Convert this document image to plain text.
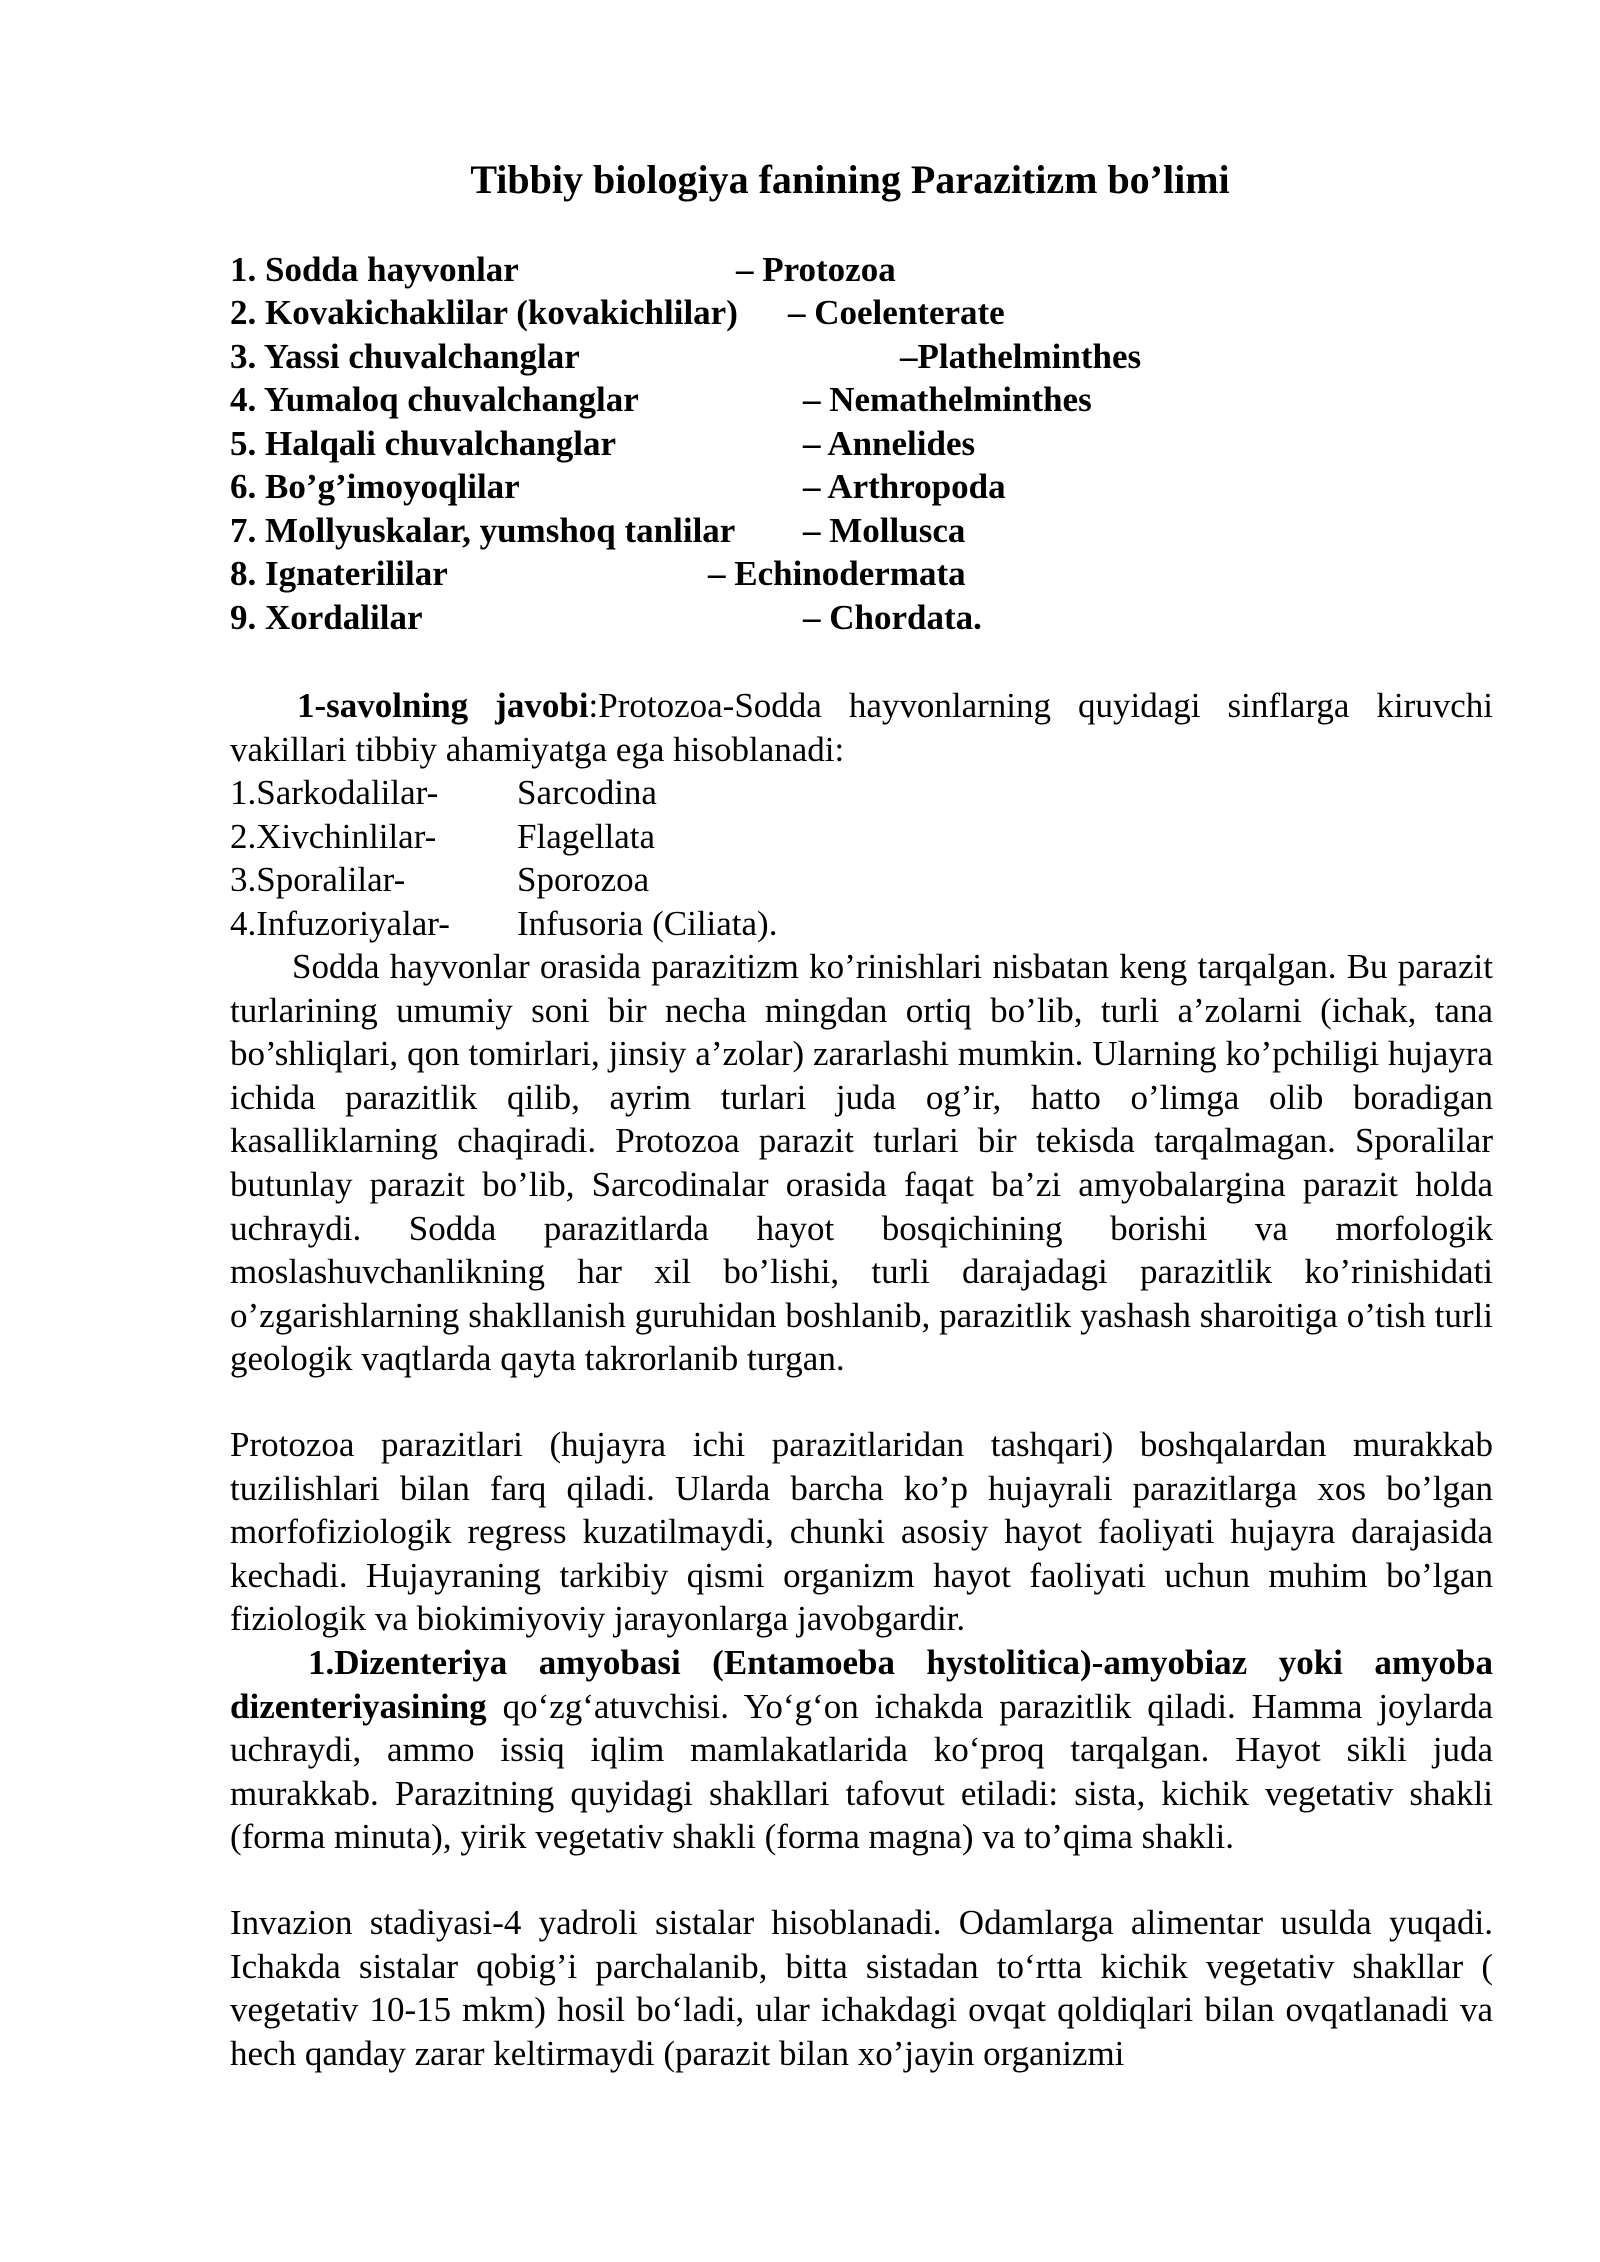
Tibbiy biologiya fanining Parazitizm bo’limi
1. Sodda hayvonlar	– Protozoa
2. Kovakichaklilar (kovakichlilar) – Coelenterate
3. Yassi chuvalchanglar	–Plathelminthes
4. Yumaloq chuvalchanglar	– Nemathelminthes
5. Halqali chuvalchanglar	– Annelides
6. Bo’g’imoyoqlilar	– Arthropoda
7. Mollyuskalar, yumshoq tanlilar – Mollusca
8. Ignaterililar	– Echinodermata
9. Xordalilar	– Chordata.
1-savolning javobi:Protozoa-Sodda hayvonlarning quyidagi sinflarga kiruvchi vakillari tibbiy ahamiyatga ega hisoblanadi:
1.Sarkodalilar- Sarcodina
2.Xivchinlilar- Flagellata
3.Sporalilar-	Sporozoa
4.Infuzoriyalar- Infusoria (Ciliata).
Sodda hayvonlar orasida parazitizm ko’rinishlari nisbatan keng tarqalgan. Bu parazit turlarining umumiy soni bir necha mingdan ortiq bo’lib, turli a’zolarni (ichak, tana bo’shliqlari, qon tomirlari, jinsiy a’zolar) zararlashi mumkin. Ularning ko’pchiligi hujayra ichida parazitlik qilib, ayrim turlari juda og’ir, hatto o’limga olib boradigan kasalliklarning chaqiradi. Protozoa parazit turlari bir tekisda tarqalmagan. Sporalilar butunlay parazit bo’lib, Sarcodinalar orasida faqat ba’zi amyobalargina parazit holda uchraydi. Sodda parazitlarda hayot bosqichining borishi va morfologik moslashuvchanlikning har xil bo’lishi, turli darajadagi parazitlik ko’rinishidati o’zgarishlarning shakllanish guruhidan boshlanib, parazitlik yashash sharoitiga o’tish turli geologik vaqtlarda qayta takrorlanib turgan.
Protozoa parazitlari (hujayra ichi parazitlaridan tashqari) boshqalardan murakkab tuzilishlari bilan farq qiladi. Ularda barcha ko’p hujayrali parazitlarga xos bo’lgan morfofiziologik regress kuzatilmaydi, chunki asosiy hayot faoliyati hujayra darajasida kechadi. Hujayraning tarkibiy qismi organizm hayot faoliyati uchun muhim bo’lgan fiziologik va biokimiyoviy jarayonlarga javobgardir.
1.Dizenteriya amyobasi (Entamoeba hystolitica)-amyobiaz yoki amyoba dizenteriyasining qo‘zg‘atuvchisi. Yo‘g‘on ichakda parazitlik qiladi. Hamma joylarda uchraydi, ammo issiq iqlim mamlakatlarida ko‘proq tarqalgan. Hayot sikli juda murakkab. Parazitning quyidagi shakllari tafovut etiladi: sista, kichik vegetativ shakli (forma minuta), yirik vegetativ shakli (forma magna) va to’qima shakli.
Invazion stadiyasi-4 yadroli sistalar hisoblanadi. Odamlarga alimentar usulda yuqadi. Ichakda sistalar qobig’i parchalanib, bitta sistadan to‘rtta kichik vegetativ shakllar ( vegetativ 10-15 mkm) hosil bo‘ladi, ular ichakdagi ovqat qoldiqlari bilan ovqatlanadi va hech qanday zarar keltirmaydi (parazit bilan xo’jayin organizmi
